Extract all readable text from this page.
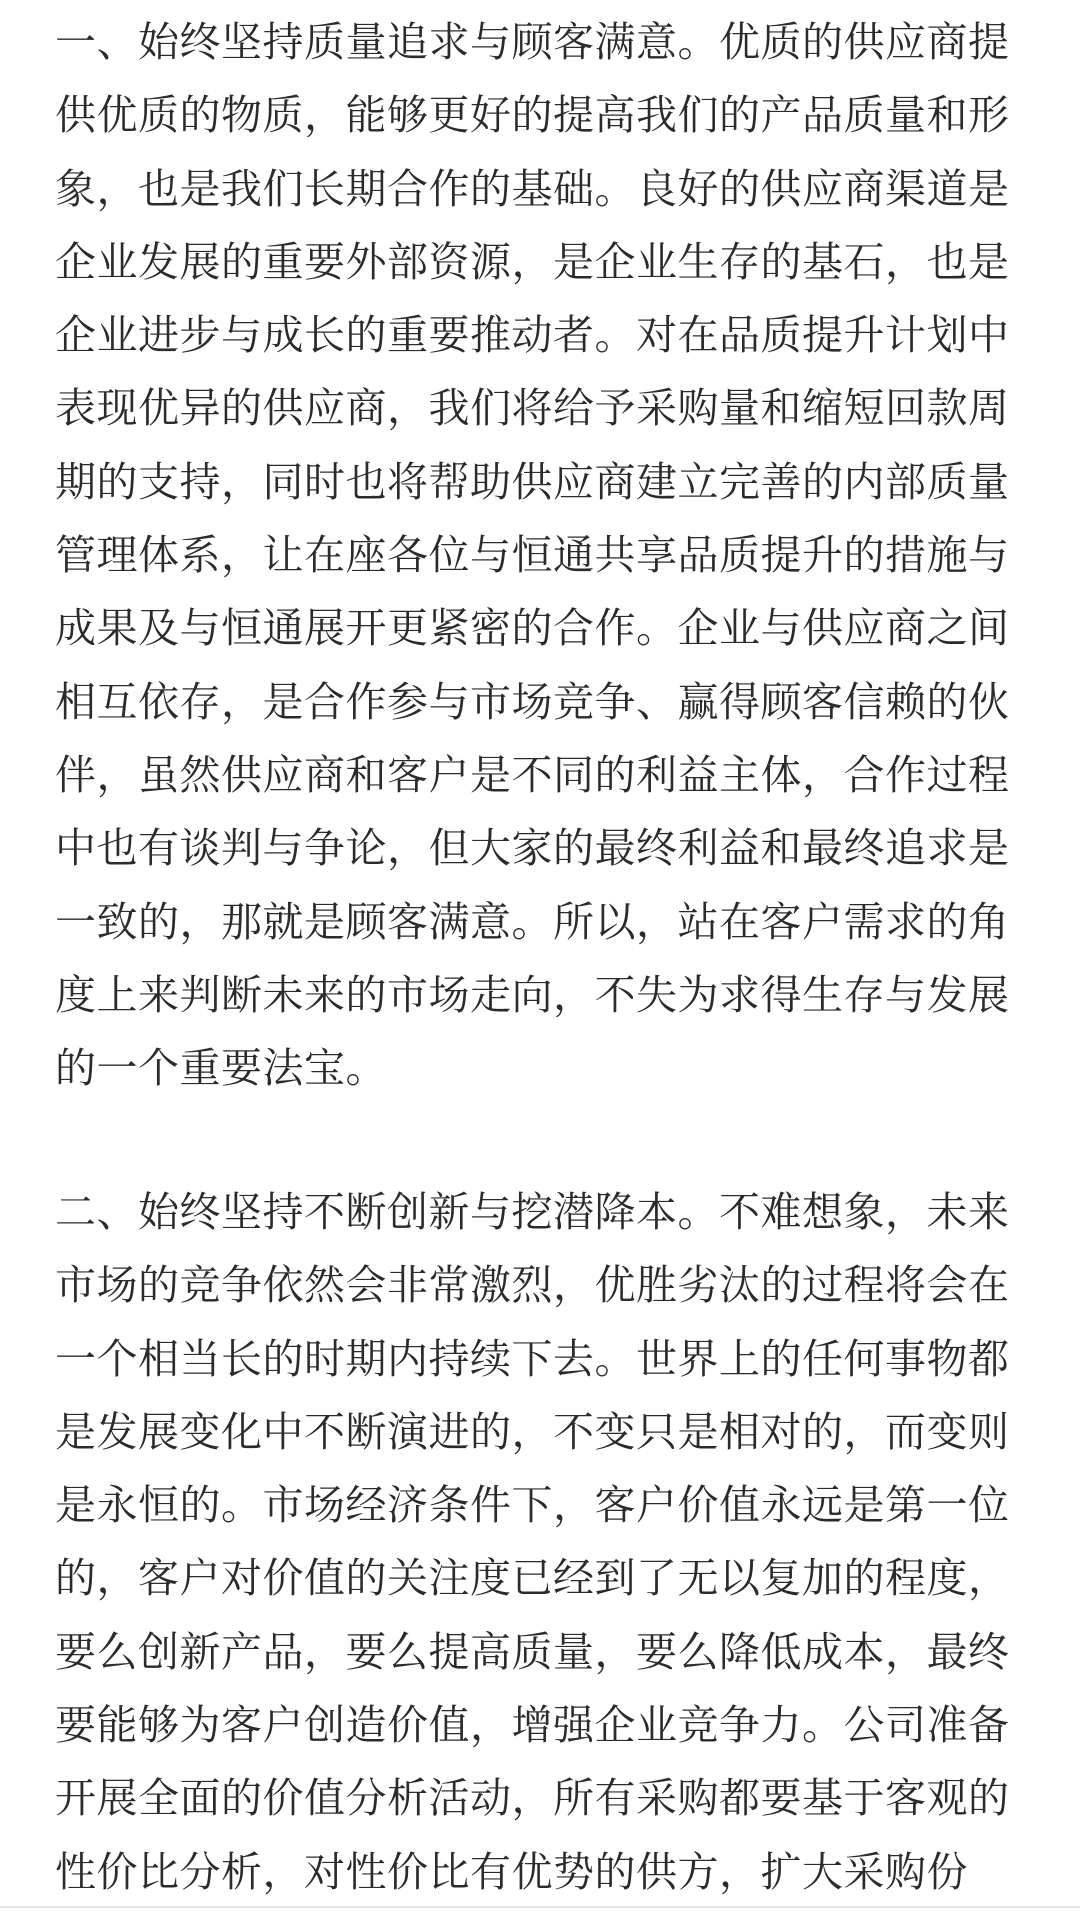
一、始终坚持质量追求与顾客满意。优质的供应商提
供优质的物质，能够更好的提高我们的产品质量和形
象，也是我们长期合作的基础。良好的供应商渠道是
企业发展的重要外部资源，是企业生存的基石，也是
企业进步与成长的重要推动者。对在品质提升计划中
表现优异的供应商，我们将给予采购量和缩短回款周
期的支持，同时也将帮助供应商建立完善的内部质量
管理体系，让在座各位与恒通共享品质提升的措施与
成果及与恒通展开更紧密的合作。企业与供应商之间
相互依存，是合作参与市场竞争、赢得顾客信赖的伙
伴，虽然供应商和客户是不同的利益主体，合作过程
中也有谈判与争论，但大家的最终利益和最终追求是
一致的，那就是顾客满意。所以，站在客户需求的角
度上来判断未来的市场走向，不失为求得生存与发展
的一个重要法宝。

二、始终坚持不断创新与挖潜降本。不难想象，未来
市场的竞争依然会非常激烈，优胜劣汰的过程将会在
一个相当长的时期内持续下去。世界上的任何事物都
是发展变化中不断演进的，不变只是相对的，而变则
是永恒的。市场经济条件下，客户价值永远是第一位
的，客户对价值的关注度已经到了无以复加的程度，
要么创新产品，要么提高质量，要么降低成本，最终
要能够为客户创造价值，增强企业竞争力。公司准备
开展全面的价值分析活动，所有采购都要基于客观的
性价比分析，对性价比有优势的供方，扩大采购份
